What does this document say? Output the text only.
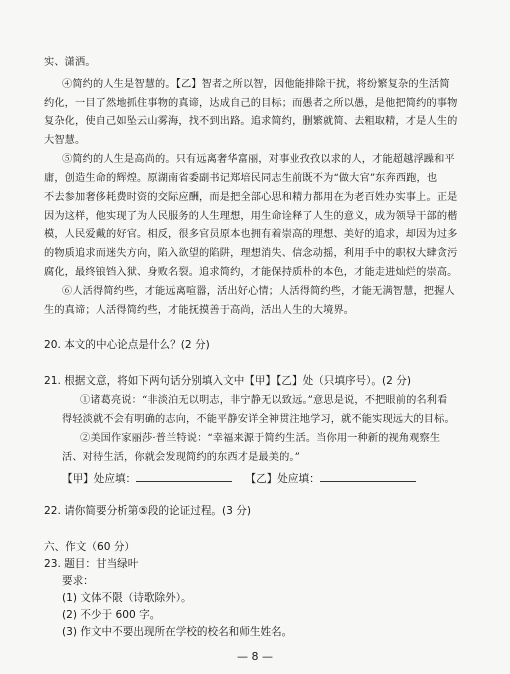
实、潇洒。
④简约的人生是智慧的。【乙】智者之所以智，因他能排除干扰，将纷繁复杂的生活简
约化，一目了然地抓住事物的真谛，达成自己的目标；而愚者之所以愚，是他把简约的事物
复杂化，使自己如坠云山雾海，找不到出路。追求简约，删繁就简、去粗取精，才是人生的
大智慧。
⑤简约的人生是高尚的。只有远离奢华富丽，对事业孜孜以求的人，才能超越浮躁和平
庸，创造生命的辉煌。原湖南省委副书记郑培民同志生前既不为“做大官”东奔西跑，也
不去参加奢侈耗费时资的交际应酬，而是把全部心思和精力都用在为老百姓办实事上。正是
因为这样，他实现了为人民服务的人生理想，用生命诠释了人生的意义，成为领导干部的楷
模，人民爱戴的好官。相反，很多官员原本也拥有着崇高的理想、美好的追求，却因为过多
的物质追求而迷失方向，陷入欲望的陷阱，理想消失、信念动摇，利用手中的职权大肆贪污
腐化，最终锒铛入狱、身败名裂。追求简约，才能保持质朴的本色，才能走进灿烂的崇高。
⑥人活得简约些，才能远离喧嚣，活出好心情；人活得简约些，才能无满智慧，把握人
生的真谛；人活得简约些，才能抚摸善于高尚，活出人生的大境界。
20. 本文的中心论点是什么？(2 分)
21. 根据文意，将如下两句话分别填入文中【甲】【乙】处（只填序号）。(2 分)
①诸葛亮说：“非淡泊无以明志，非宁静无以致远。”意思是说，不把眼前的名利看
得轻淡就不会有明确的志向，不能平静安详全神贯注地学习，就不能实现远大的目标。
②美国作家丽莎·普兰特说：“幸福来源于简约生活。当你用一种新的视角观察生
活、对待生活，你就会发现简约的东西才是最美的。”
【甲】处应填：	【乙】处应填：
22. 请你简要分析第⑤段的论证过程。(3 分)
六、作文（60 分）
23. 题目：甘当绿叶
要求：
(1) 文体不限（诗歌除外）。
(2) 不少于 600 字。
(3) 作文中不要出现所在学校的校名和师生姓名。
— 8 —
